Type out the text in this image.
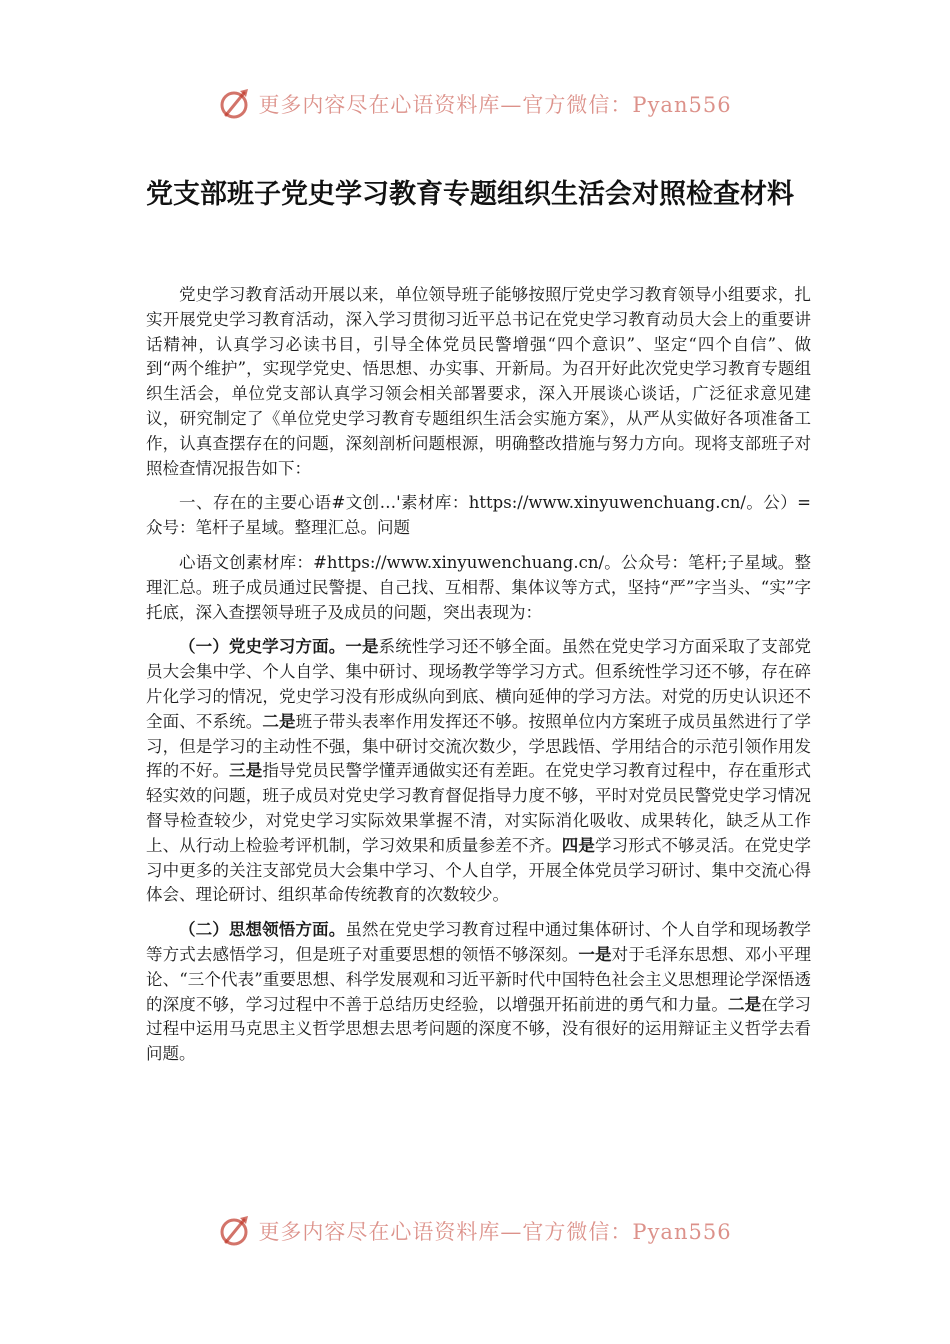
更多内容尽在心语资料库—官方微信：Pyan556
党支部班子党史学习教育专题组织生活会对照检查材料

党史学习教育活动开展以来，单位领导班子能够按照厅党史学习教育领导小组要求，扎实开展党史学习教育活动，深入学习贯彻习近平总书记在党史学习教育动员大会上的重要讲话精神，认真学习必读书目，引导全体党员民警增强“四个意识”、坚定“四个自信”、做到“两个维护”，实现学党史、悟思想、办实事、开新局。为召开好此次党史学习教育专题组织生活会，单位党支部认真学习领会相关部署要求，深入开展谈心谈话，广泛征求意见建议，研究制定了《单位党史学习教育专题组织生活会实施方案》，从严从实做好各项准备工作，认真查摆存在的问题，深刻剖析问题根源，明确整改措施与努力方向。现将支部班子对照检查情况报告如下：

一、存在的主要心语#文创…'素材库：https://www.xinyuwenchuang.cn/。公）=众号：笔杆子星域。整理汇总。问题

心语文创素材库：#https://www.xinyuwenchuang.cn/。公众号：笔杆;子星域。整理汇总。班子成员通过民警提、自己找、互相帮、集体议等方式，坚持“严”字当头、“实”字托底，深入查摆领导班子及成员的问题，突出表现为：

（一）党史学习方面。一是系统性学习还不够全面。虽然在党史学习方面采取了支部党员大会集中学、个人自学、集中研讨、现场教学等学习方式。但系统性学习还不够，存在碎片化学习的情况，党史学习没有形成纵向到底、横向延伸的学习方法。对党的历史认识还不全面、不系统。二是班子带头表率作用发挥还不够。按照单位内方案班子成员虽然进行了学习，但是学习的主动性不强，集中研讨交流次数少，学思践悟、学用结合的示范引领作用发挥的不好。三是指导党员民警学懂弄通做实还有差距。在党史学习教育过程中，存在重形式轻实效的问题，班子成员对党史学习教育督促指导力度不够，平时对党员民警党史学习情况督导检查较少，对党史学习实际效果掌握不清，对实际消化吸收、成果转化，缺乏从工作上、从行动上检验考评机制，学习效果和质量参差不齐。四是学习形式不够灵活。在党史学习中更多的关注支部党员大会集中学习、个人自学，开展全体党员学习研讨、集中交流心得体会、理论研讨、组织革命传统教育的次数较少。

（二）思想领悟方面。虽然在党史学习教育过程中通过集体研讨、个人自学和现场教学等方式去感悟学习，但是班子对重要思想的领悟不够深刻。一是对于毛泽东思想、邓小平理论、“三个代表”重要思想、科学发展观和习近平新时代中国特色社会主义思想理论学深悟透的深度不够，学习过程中不善于总结历史经验，以增强开拓前进的勇气和力量。二是在学习过程中运用马克思主义哲学思想去思考问题的深度不够，没有很好的运用辩证主义哲学去看问题。

更多内容尽在心语资料库—官方微信：Pyan556
